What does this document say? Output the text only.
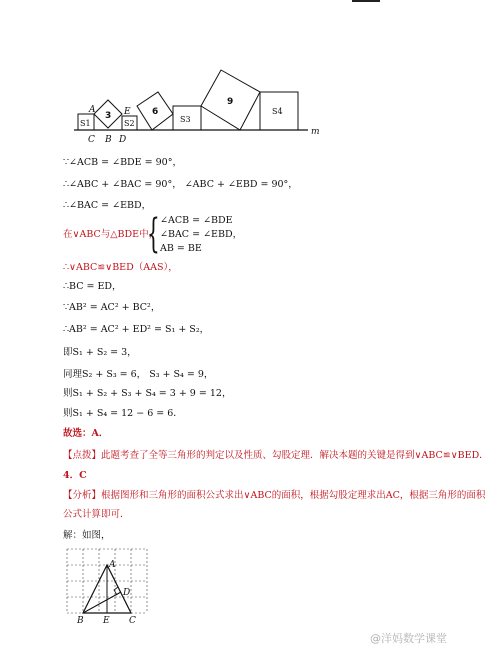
A	E
C B D
m
S1	S2	S3
S4
3	6
9
∵∠ACB = ∠BDE = 90°，
∴∠ABC + ∠BAC = 90°， ∠ABC + ∠EBD = 90°，
∴∠BAC = ∠EBD，
在∨ABC与△BDE中，
{ ∠ACB = ∠BDE
∠BAC = ∠EBD，
AB = BE
∴∨ABC≌∨BED（AAS），
∴BC = ED，
∵AB² = AC² + BC²，
∴AB² = AC² + ED² = S₁ + S₂，
即S₁ + S₂ = 3，
同理S₂ + S₃ = 6， S₃ + S₄ = 9，
则S₁ + S₂ + S₃ + S₄ = 3 + 9 = 12，
则S₁ + S₄ = 12 − 6 = 6．
故选：A．
【点拨】此题考查了全等三角形的判定以及性质、勾股定理．解决本题的关键是得到∨ABC≌∨BED．
4．C
【分析】根据图形和三角形的面积公式求出∨ABC的面积，根据勾股定理求出AC，根据三角形的面积
公式计算即可．
解：如图，
A
D
B E C
@洋妈数学课堂
